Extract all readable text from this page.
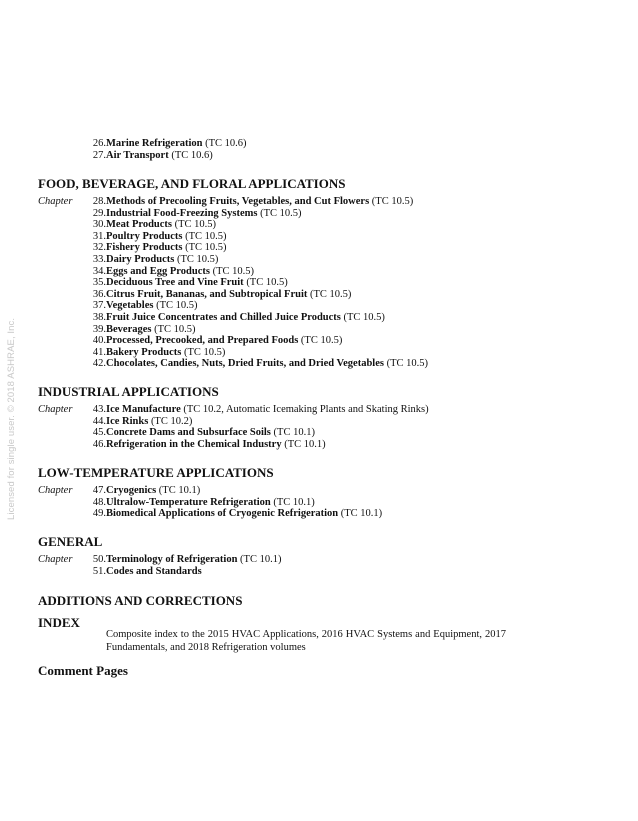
Licensed for single user. © 2018 ASHRAE, Inc.
26. Marine Refrigeration (TC 10.6)
27. Air Transport (TC 10.6)
FOOD, BEVERAGE, AND FLORAL APPLICATIONS
Chapter	28. Methods of Precooling Fruits, Vegetables, and Cut Flowers (TC 10.5)
29. Industrial Food-Freezing Systems (TC 10.5)
30. Meat Products (TC 10.5)
31. Poultry Products (TC 10.5)
32. Fishery Products (TC 10.5)
33. Dairy Products (TC 10.5)
34. Eggs and Egg Products (TC 10.5)
35. Deciduous Tree and Vine Fruit (TC 10.5)
36. Citrus Fruit, Bananas, and Subtropical Fruit (TC 10.5)
37. Vegetables (TC 10.5)
38. Fruit Juice Concentrates and Chilled Juice Products (TC 10.5)
39. Beverages (TC 10.5)
40. Processed, Precooked, and Prepared Foods (TC 10.5)
41. Bakery Products (TC 10.5)
42. Chocolates, Candies, Nuts, Dried Fruits, and Dried Vegetables (TC 10.5)
INDUSTRIAL APPLICATIONS
Chapter	43. Ice Manufacture (TC 10.2, Automatic Icemaking Plants and Skating Rinks)
44. Ice Rinks (TC 10.2)
45. Concrete Dams and Subsurface Soils (TC 10.1)
46. Refrigeration in the Chemical Industry (TC 10.1)
LOW-TEMPERATURE APPLICATIONS
Chapter	47. Cryogenics (TC 10.1)
48. Ultralow-Temperature Refrigeration (TC 10.1)
49. Biomedical Applications of Cryogenic Refrigeration (TC 10.1)
GENERAL
Chapter	50. Terminology of Refrigeration (TC 10.1)
51. Codes and Standards
ADDITIONS AND CORRECTIONS
INDEX
Composite index to the 2015 HVAC Applications, 2016 HVAC Systems and Equipment, 2017 Fundamentals, and 2018 Refrigeration volumes
Comment Pages
